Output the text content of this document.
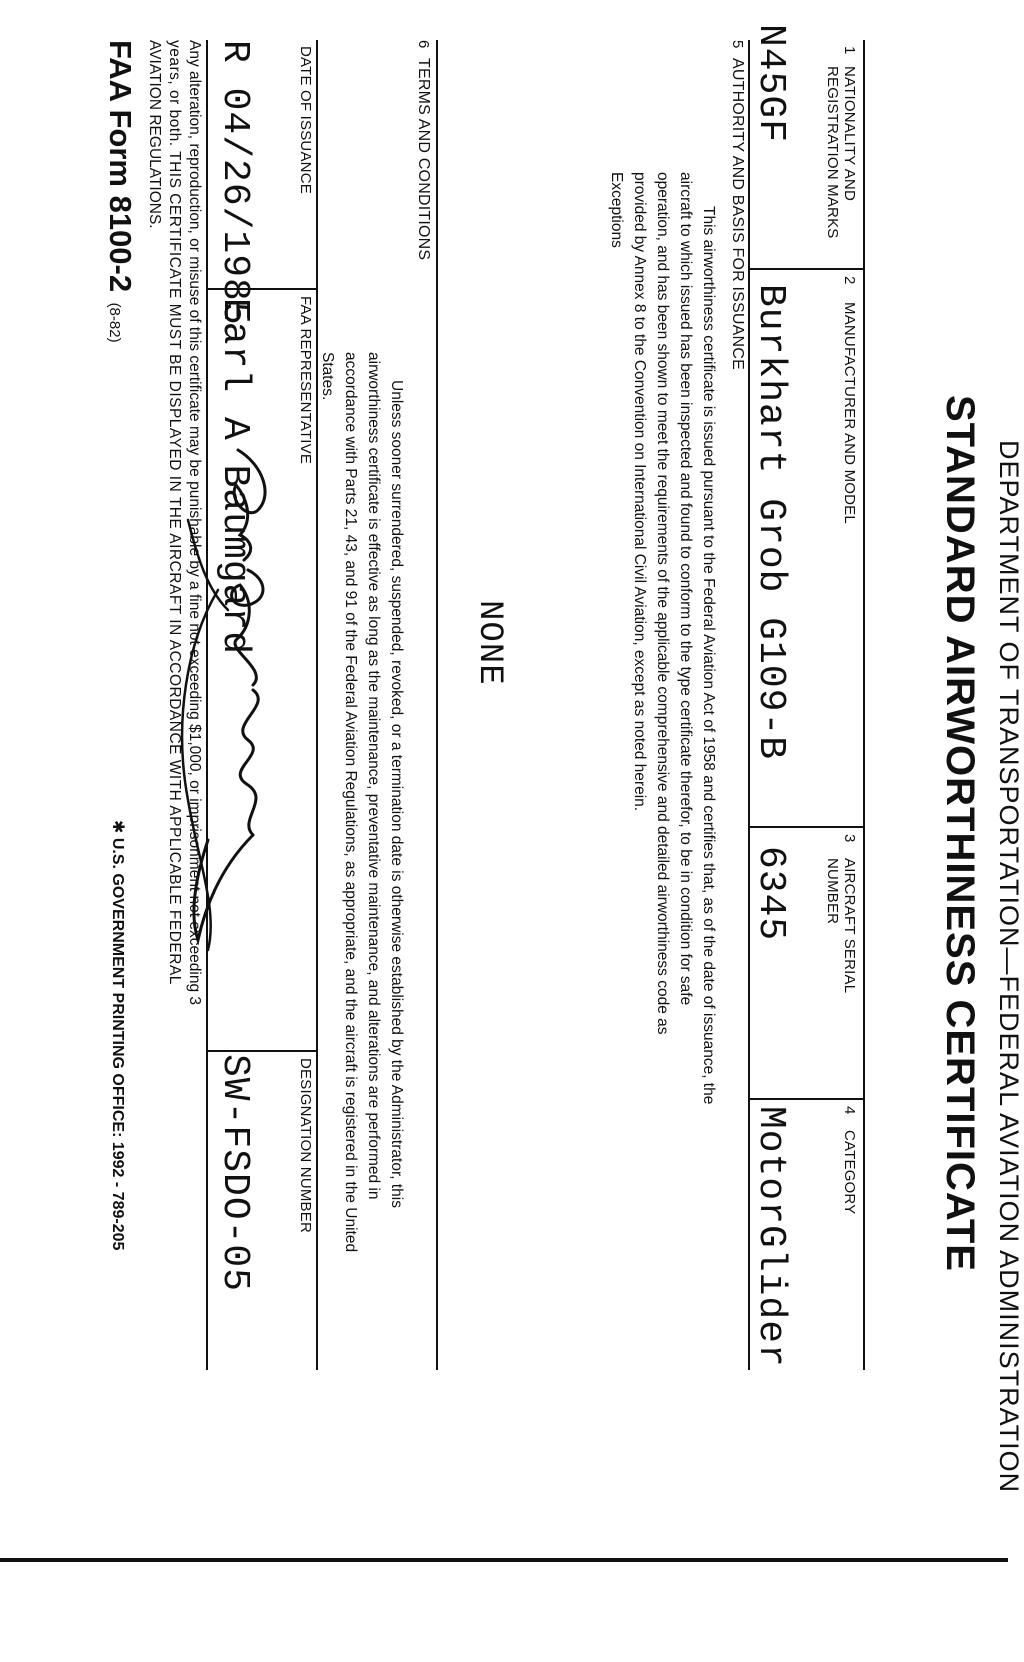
DEPARTMENT OF TRANSPORTATION—FEDERAL AVIATION ADMINISTRATION
STANDARD AIRWORTHINESS CERTIFICATE
1
NATIONALITY AND
REGISTRATION MARKS
N45GF
2
MANUFACTURER AND MODEL
Burkhart Grob G109-B
3
AIRCRAFT SERIAL
NUMBER
6345
4
CATEGORY
MotorGlider
5
AUTHORITY AND BASIS FOR ISSUANCE
This airworthiness certificate is issued pursuant to the Federal Aviation Act of 1958 and certifies that, as of the date of issuance, the
aircraft to which issued has been inspected and found to conform to the type certificate therefor, to be in condition for safe
operation, and has been shown to meet the requirements of the applicable comprehensive and detailed airworthiness code as
provided by Annex 8 to the Convention on International Civil Aviation, except as noted herein.
Exceptions
NONE
6
TERMS AND CONDITIONS
Unless sooner surrendered, suspended, revoked, or a termination date is otherwise established by the Administrator, this
airworthiness certificate is effective as long as the maintenance, preventative maintenance, and alterations are performed in
accordance with Parts 21, 43, and 91 of the Federal Aviation Regulations, as appropriate, and the aircraft is registered in the United
States.
DATE OF ISSUANCE
R 04/26/1985
FAA REPRESENTATIVE
Earl A Baumgard
DESIGNATION NUMBER
SW-FSDO-05
Any alteration, reproduction, or misuse of this certificate may be punishable by a fine not exceeding $1,000, or imprisonment not exceeding 3
years, or both. THIS CERTIFICATE MUST BE DISPLAYED IN THE AIRCRAFT IN ACCORDANCE WITH APPLICABLE FEDERAL
AVIATION REGULATIONS.
FAA Form 8100-2 (8-82)
✱ U.S. GOVERNMENT PRINTING OFFICE: 1992 - 789-205
